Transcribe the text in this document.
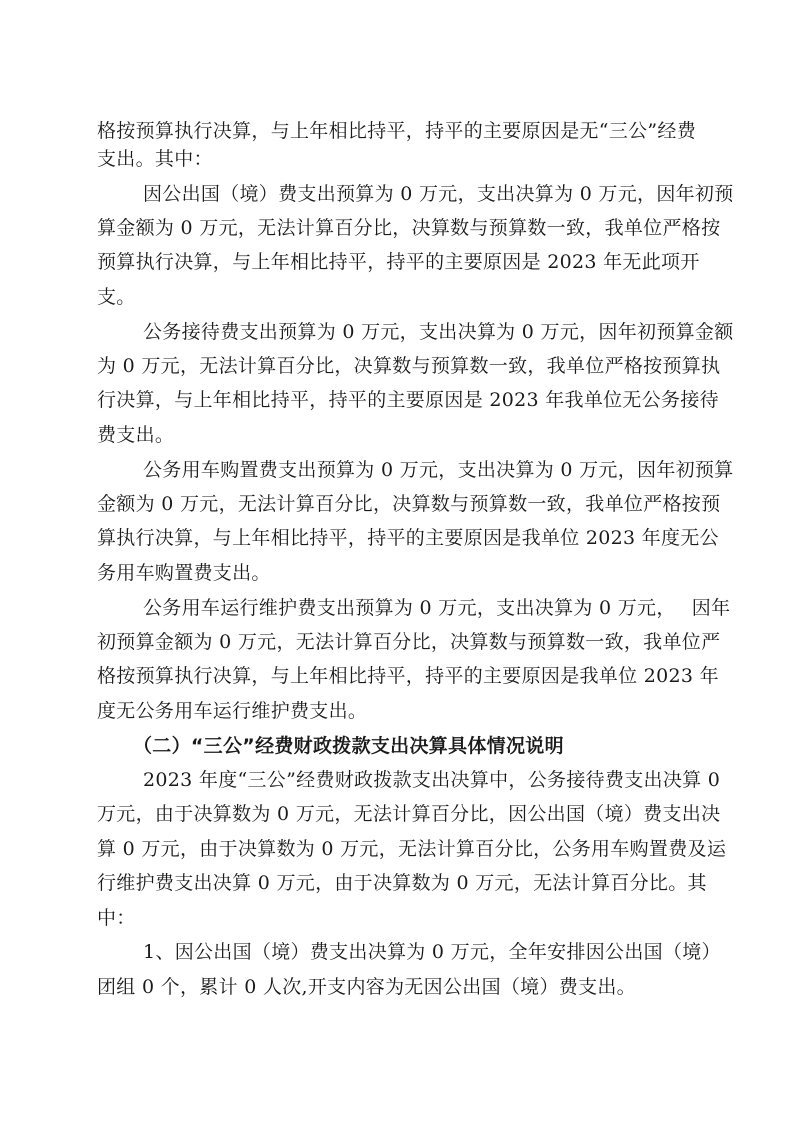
格按预算执行决算，与上年相比持平，持平的主要原因是无“三公”经费
支出。其中：
因公出国（境）费支出预算为 0 万元，支出决算为 0 万元，因年初预
算金额为 0 万元，无法计算百分比，决算数与预算数一致，我单位严格按
预算执行决算，与上年相比持平，持平的主要原因是 2023 年无此项开
支。
公务接待费支出预算为 0 万元，支出决算为 0 万元，因年初预算金额
为 0 万元，无法计算百分比，决算数与预算数一致，我单位严格按预算执
行决算，与上年相比持平，持平的主要原因是 2023 年我单位无公务接待
费支出。
公务用车购置费支出预算为 0 万元，支出决算为 0 万元，因年初预算
金额为 0 万元，无法计算百分比，决算数与预算数一致，我单位严格按预
算执行决算，与上年相比持平，持平的主要原因是我单位 2023 年度无公
务用车购置费支出。
公务用车运行维护费支出预算为 0 万元，支出决算为 0 万元，　 因年
初预算金额为 0 万元，无法计算百分比，决算数与预算数一致，我单位严
格按预算执行决算，与上年相比持平，持平的主要原因是我单位 2023 年
度无公务用车运行维护费支出。
（二）“三公”经费财政拨款支出决算具体情况说明
2023 年度“三公”经费财政拨款支出决算中，公务接待费支出决算 0
万元，由于决算数为 0 万元，无法计算百分比，因公出国（境）费支出决
算 0 万元，由于决算数为 0 万元，无法计算百分比，公务用车购置费及运
行维护费支出决算 0 万元，由于决算数为 0 万元，无法计算百分比。其
中：
1、因公出国（境）费支出决算为 0 万元，全年安排因公出国（境）
团组 0 个，累计 0 人次,开支内容为无因公出国（境）费支出。
